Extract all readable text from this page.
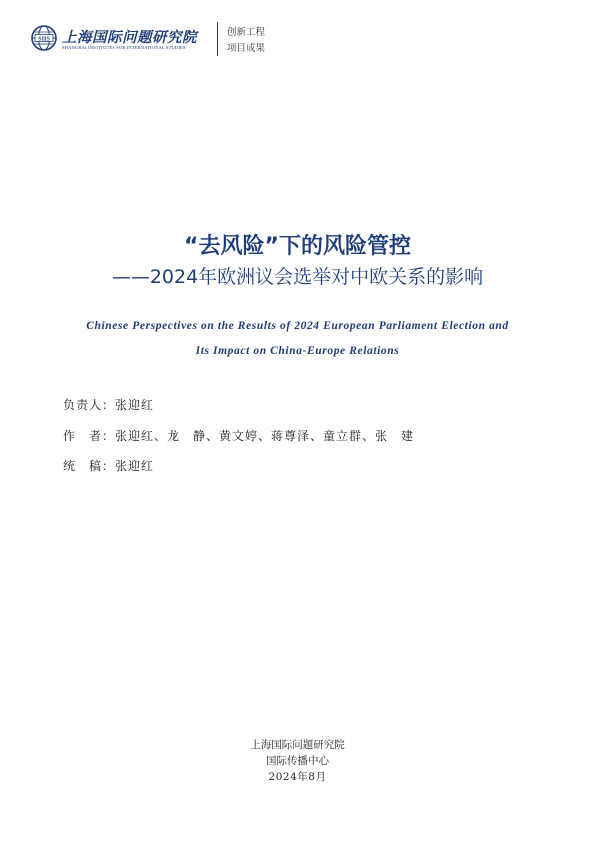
SIIS 上海国际问题研究院
SHANGHAI INSTITUTES FOR INTERNATIONAL STUDIES
创新工程
项目成果
“去风险”下的风险管控
——2024年欧洲议会选举对中欧关系的影响
Chinese Perspectives on the Results of 2024 European Parliament Election and
Its Impact on China-Europe Relations
负责人：张迎红
作　者：张迎红、龙　静、黄文婷、蒋尊泽、童立群、张　建
统　稿：张迎红
上海国际问题研究院
国际传播中心
2024年8月
